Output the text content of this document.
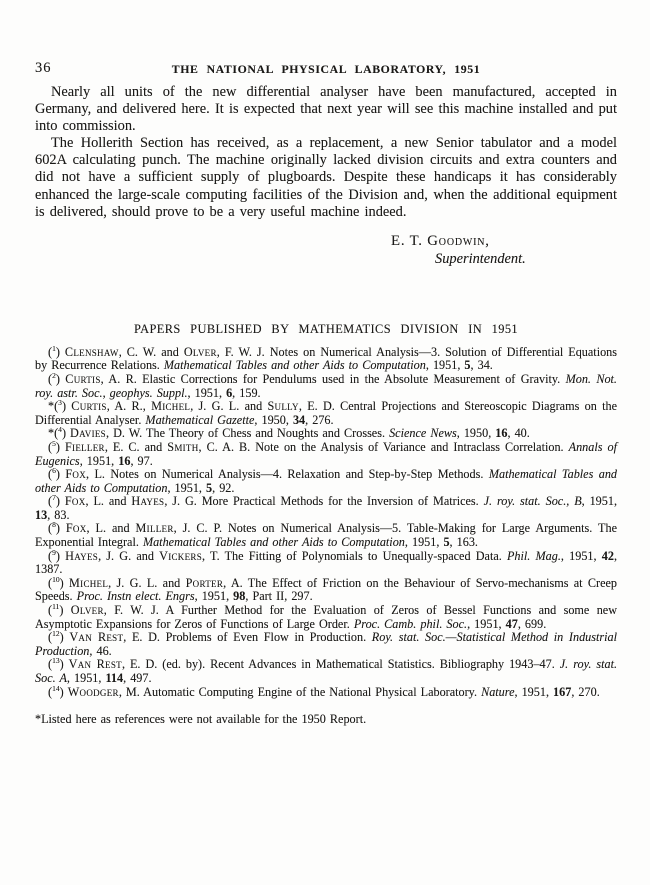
36	THE NATIONAL PHYSICAL LABORATORY, 1951

Nearly all units of the new differential analyser have been manufactured, accepted in Germany, and delivered here. It is expected that next year will see this machine installed and put into commission.

The Hollerith Section has received, as a replacement, a new Senior tabulator and a model 602A calculating punch. The machine originally lacked division circuits and extra counters and did not have a sufficient supply of plugboards. Despite these handicaps it has considerably enhanced the large-scale computing facilities of the Division and, when the additional equipment is delivered, should prove to be a very useful machine indeed.

E. T. Goodwin,
Superintendent.

PAPERS PUBLISHED BY MATHEMATICS DIVISION IN 1951

($^1$) Clenshaw, C. W. and Olver, F. W. J. Notes on Numerical Analysis—3. Solution of Differential Equations by Recurrence Relations. Mathematical Tables and other Aids to Computation, 1951, 5, 34.

($^2$) Curtis, A. R. Elastic Corrections for Pendulums used in the Absolute Measurement of Gravity. Mon. Not. roy. astr. Soc., geophys. Suppl., 1951, 6, 159.

*($^3$) Curtis, A. R., Michel, J. G. L. and Sully, E. D. Central Projections and Stereoscopic Diagrams on the Differential Analyser. Mathematical Gazette, 1950, 34, 276.

*($^4$) Davies, D. W. The Theory of Chess and Noughts and Crosses. Science News, 1950, 16, 40.

($^5$) Fieller, E. C. and Smith, C. A. B. Note on the Analysis of Variance and Intraclass Correlation. Annals of Eugenics, 1951, 16, 97.

($^6$) Fox, L. Notes on Numerical Analysis—4. Relaxation and Step-by-Step Methods. Mathematical Tables and other Aids to Computation, 1951, 5, 92.

($^7$) Fox, L. and Hayes, J. G. More Practical Methods for the Inversion of Matrices. J. roy. stat. Soc., B, 1951, 13, 83.

($^8$) Fox, L. and Miller, J. C. P. Notes on Numerical Analysis—5. Table-Making for Large Arguments. The Exponential Integral. Mathematical Tables and other Aids to Computation, 1951, 5, 163.

($^9$) Hayes, J. G. and Vickers, T. The Fitting of Polynomials to Unequally-spaced Data. Phil. Mag., 1951, 42, 1387.

($^{10}$) Michel, J. G. L. and Porter, A. The Effect of Friction on the Behaviour of Servo-mechanisms at Creep Speeds. Proc. Instn elect. Engrs, 1951, 98, Part II, 297.

($^{11}$) Olver, F. W. J. A Further Method for the Evaluation of Zeros of Bessel Functions and some new Asymptotic Expansions for Zeros of Functions of Large Order. Proc. Camb. phil. Soc., 1951, 47, 699.

($^{12}$) Van Rest, E. D. Problems of Even Flow in Production. Roy. stat. Soc.—Statistical Method in Industrial Production, 46.

($^{13}$) Van Rest, E. D. (ed. by). Recent Advances in Mathematical Statistics. Bibliography 1943–47. J. roy. stat. Soc. A, 1951, 114, 497.

($^{14}$) Woodger, M. Automatic Computing Engine of the National Physical Laboratory. Nature, 1951, 167, 270.

*Listed here as references were not available for the 1950 Report.
